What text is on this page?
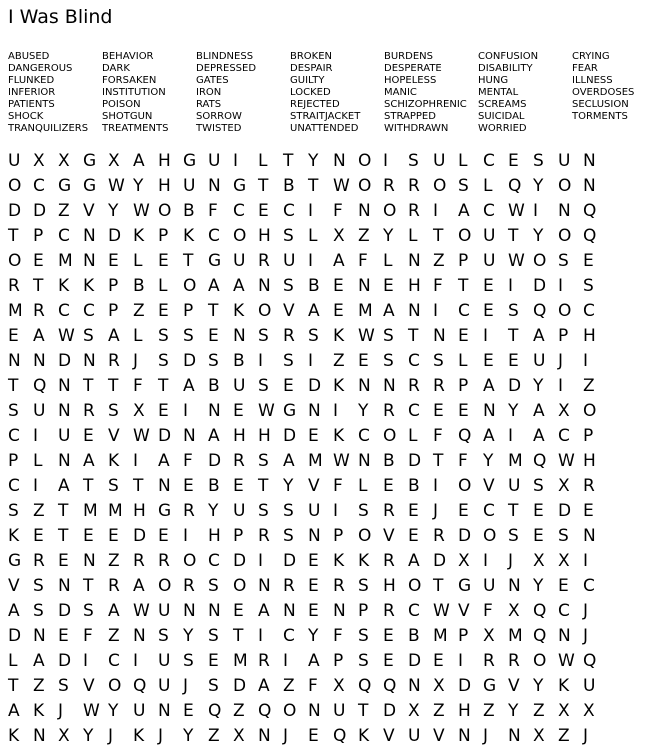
I Was Blind
ABUSED	BEHAVIOR	BLINDNESS	BROKEN	BURDENS	CONFUSION	CRYING
DANGEROUS	DARK	DEPRESSED	DESPAIR	DESPERATE	DISABILITY	FEAR
FLUNKED	FORSAKEN	GATES	GUILTY	HOPELESS	HUNG	ILLNESS
INFERIOR	INSTITUTION	IRON	LOCKED	MANIC	MENTAL	OVERDOSES
PATIENTS	POISON	RATS	REJECTED	SCHIZOPHRENIC	SCREAMS	SECLUSION
SHOCK	SHOTGUN	SORROW	STRAITJACKET	STRAPPED	SUICIDAL	TORMENTS
TRANQUILIZERS	TREATMENTS	TWISTED	UNATTENDED	WITHDRAWN	WORRIED
U X X G X A H G U I	L T Y N O I	S U L C E S U N
O C G G W Y H U N G T B T W O R R O S L Q Y O N
D D Z V Y W O B F C E C I	F N O R I	A C W I	N Q
T P C N D K P K C O H S L X Z Y L T O U T Y O Q
O E M N E L E T G U R U I	A F L N Z P U W O S E
R T K K P B L O A A N S B E N E H F T E I	D I	S
M R C C P Z E P T K O V A E M A N I	C E S Q O C
E A W S A L S S E N S R S K W S T N E I	T A P H
N N D N R J	S D S B I	S I	Z E S C S L E E U J	I
T Q N T T F T A B U S E D K N N R R P A D Y I	Z
S U N R S X E I	N E W G N I	Y R C E E N Y A X O
C I	U E V W D N A H H D E K C O L F Q A I	A C P
P L N A K I	A F D R S A M W N B D T F Y M Q W H
C I	A T S T N E B E T Y V F L E B I	O V U S X R
S Z T M M H G R Y U S S U I	S R E J	E C T E D E
K E T E E D E I	H P R S N P O V E R D O S E S N
G R E N Z R R O C D I	D E K K R A D X I	J	X X I
V S N T R A O R S O N R E R S H O T G U N Y E C
A S D S A W U N N E A N E N P R C W V F X Q C J
D N E F Z N S Y S T I	C Y F S E B M P X M Q N J
L A D I	C I	U S E M R I	A P S E D E I	R R O W Q
T Z S V O Q U J	S D A Z F X Q Q N X D G V Y K U
A K J	W Y U N E Q Z Q O N U T D X Z H Z Y Z X X
K N X Y J	K J	Y Z X N J	E Q K V U V N J	N X Z J
